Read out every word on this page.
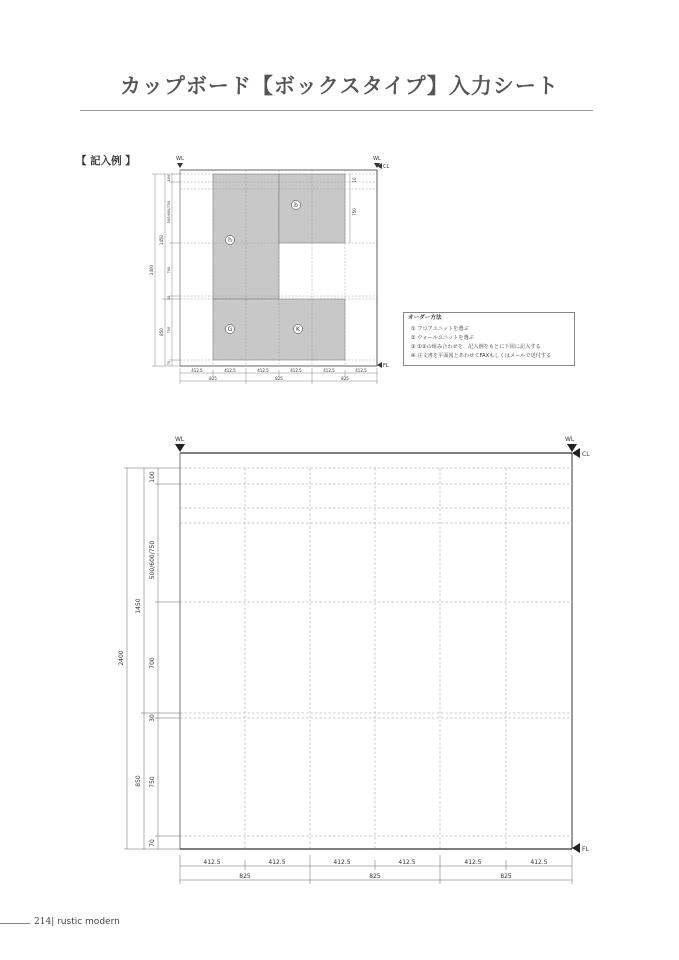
カップボード【ボックスタイプ】入力シート
【 記入例 】
h
b
G	K
WL	WL
CL
FL
10
750
2400
1450
850
100
500/600/750
700
30
750
70
412.5	412.5	412.5	412.5	412.5	412.5
825	825	825
WL	WL
CL
FL
2400
1450
850
100
500/600/750
700
30
750
70
412.5	412.5	412.5	412.5	412.5	412.5
825	825	825
オーダー方法
① フロアユニットを選ぶ
② ウォールユニットを選ぶ
③ ①②の組み合わせを、記入例をもとに下図に記入する
④ 注文書を平面図とあわせてFAXもしくはメールで送付する
214| rustic modern
